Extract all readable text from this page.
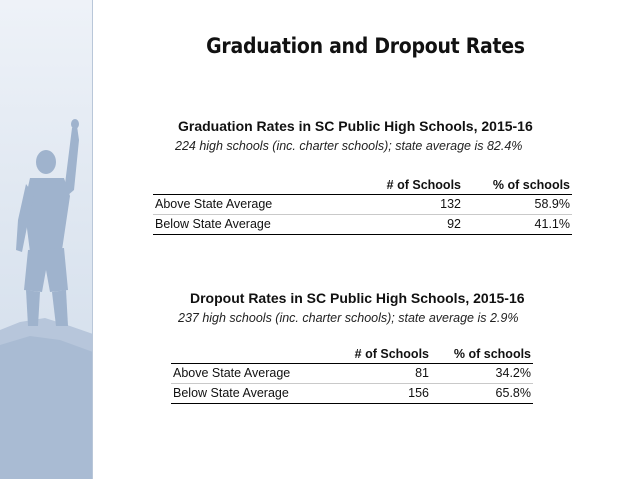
Graduation and Dropout Rates
Graduation Rates in SC Public High Schools, 2015-16
224 high schools (inc. charter schools); state average is 82.4%
	# of Schools	% of schools
Above State Average	132	58.9%
Below State Average	92	41.1%
Dropout Rates in SC Public High Schools, 2015-16
237 high schools (inc. charter schools); state average is 2.9%
	# of Schools	% of schools
Above State Average	81	34.2%
Below State Average	156	65.8%
